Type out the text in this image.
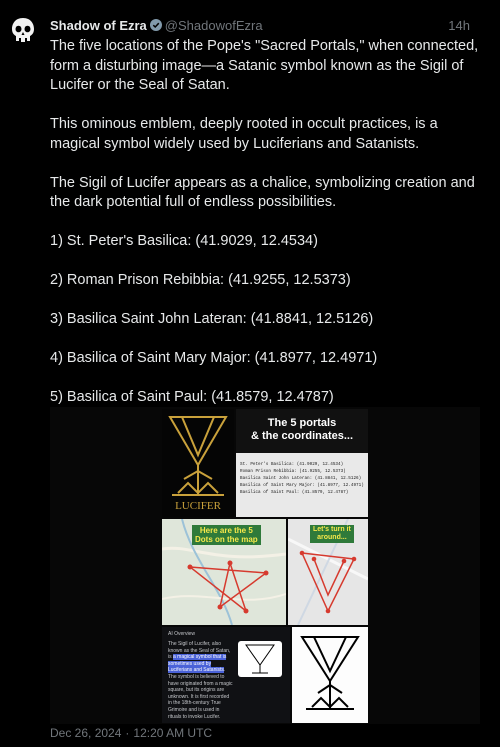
Shadow of Ezra @ShadowofEzra	14h

The five locations of the Pope's "Sacred Portals," when connected, form a disturbing image—a Satanic symbol known as the Sigil of Lucifer or the Seal of Satan.

This ominous emblem, deeply rooted in occult practices, is a magical symbol widely used by Luciferians and Satanists.

The Sigil of Lucifer appears as a chalice, symbolizing creation and the dark potential full of endless possibilities.

1) St. Peter's Basilica: (41.9029, 12.4534)

2) Roman Prison Rebibbia: (41.9255, 12.5373)

3) Basilica Saint John Lateran: (41.8841, 12.5126)

4) Basilica of Saint Mary Major: (41.8977, 12.4971)

5) Basilica of Saint Paul: (41.8579, 12.4787)

LUCIFER
The 5 portals
& the coordinates...
St. Peter's Basilica: (41.9029, 12.4534)
Roman Prison Rebibbia: (41.9255, 12.5373)
Basilica Saint John Lateran: (41.8841, 12.5126)
Basilica of Saint Mary Major: (41.8977, 12.4971)
Basilica of Saint Paul: (41.8579, 12.4787)
Here are the 5
Dots on the map
Let's turn it
around...
AI Overview
The Sigil of Lucifer, also known as the Seal of Satan, is a magical symbol that is sometimes used by Luciferians and Satanists. The symbol is believed to have originated from a magic square, but its origins are unknown. It is first recorded in the 18th-century True Grimoire and is used in rituals to invoke Lucifer.
Dec 26, 2024 · 12:20 AM UTC
